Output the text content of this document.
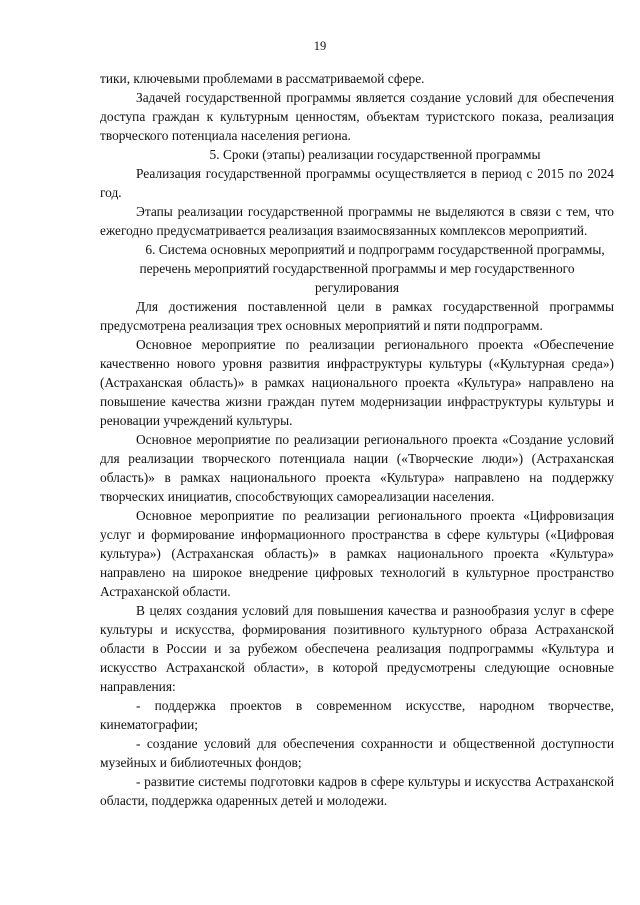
19

тики, ключевыми проблемами в рассматриваемой сфере.

Задачей государственной программы является создание условий для обеспечения доступа граждан к культурным ценностям, объектам туристского показа, реализация творческого потенциала населения региона.

5. Сроки (этапы) реализации государственной программы

Реализация государственной программы осуществляется в период с 2015 по 2024 год.

Этапы реализации государственной программы не выделяются в связи с тем, что ежегодно предусматривается реализация взаимосвязанных комплексов мероприятий.

6. Система основных мероприятий и подпрограмм государственной программы, перечень мероприятий государственной программы и мер государственного регулирования

Для достижения поставленной цели в рамках государственной программы предусмотрена реализация трех основных мероприятий и пяти подпрограмм.

Основное мероприятие по реализации регионального проекта «Обеспечение качественно нового уровня развития инфраструктуры культуры («Культурная среда») (Астраханская область)» в рамках национального проекта «Культура» направлено на повышение качества жизни граждан путем модернизации инфраструктуры культуры и реновации учреждений культуры.

Основное мероприятие по реализации регионального проекта «Создание условий для реализации творческого потенциала нации («Творческие люди») (Астраханская область)» в рамках национального проекта «Культура» направлено на поддержку творческих инициатив, способствующих самореализации населения.

Основное мероприятие по реализации регионального проекта «Цифровизация услуг и формирование информационного пространства в сфере культуры («Цифровая культура») (Астраханская область)» в рамках национального проекта «Культура» направлено на широкое внедрение цифровых технологий в культурное пространство Астраханской области.

В целях создания условий для повышения качества и разнообразия услуг в сфере культуры и искусства, формирования позитивного культурного образа Астраханской области в России и за рубежом обеспечена реализация подпрограммы «Культура и искусство Астраханской области», в которой предусмотрены следующие основные направления:

- поддержка проектов в современном искусстве, народном творчестве, кинематографии;

- создание условий для обеспечения сохранности и общественной доступности музейных и библиотечных фондов;

- развитие системы подготовки кадров в сфере культуры и искусства Астраханской области, поддержка одаренных детей и молодежи.
